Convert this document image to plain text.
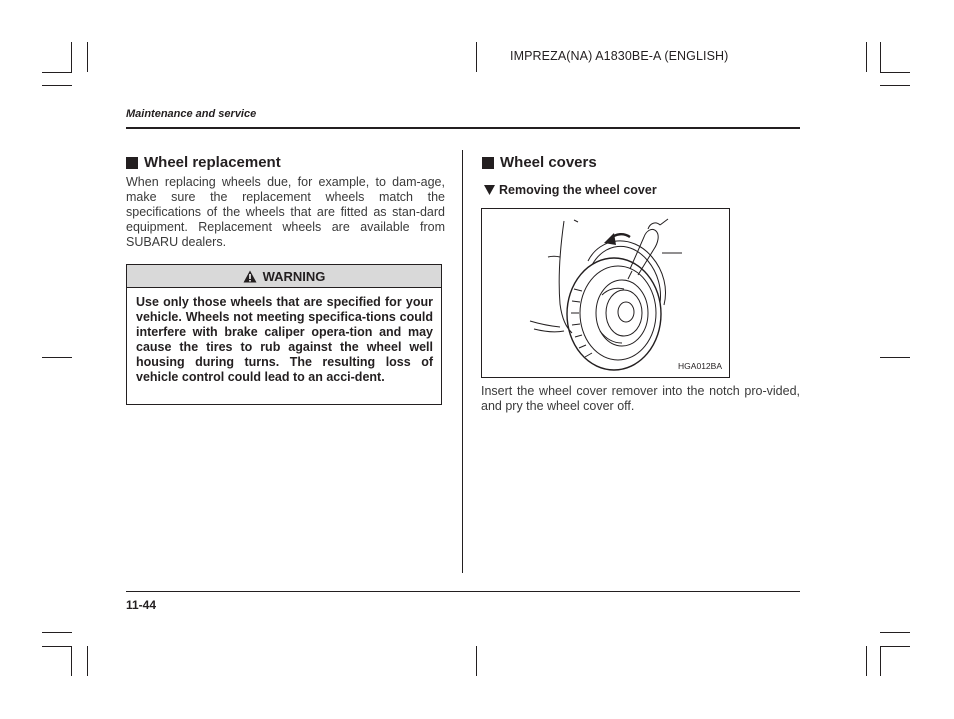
IMPREZA(NA) A1830BE-A (ENGLISH)
Maintenance and service
Wheel replacement
When replacing wheels due, for example, to dam-age, make sure the replacement wheels match the specifications of the wheels that are fitted as stan-dard equipment. Replacement wheels are available from SUBARU dealers.
WARNING
Use only those wheels that are specified for your vehicle. Wheels not meeting specifica-tions could interfere with brake caliper opera-tion and may cause the tires to rub against the wheel well housing during turns. The resulting loss of vehicle control could lead to an acci-dent.
Wheel covers
Removing the wheel cover
HGA012BA
Insert the wheel cover remover into the notch pro-vided, and pry the wheel cover off.
11-44
